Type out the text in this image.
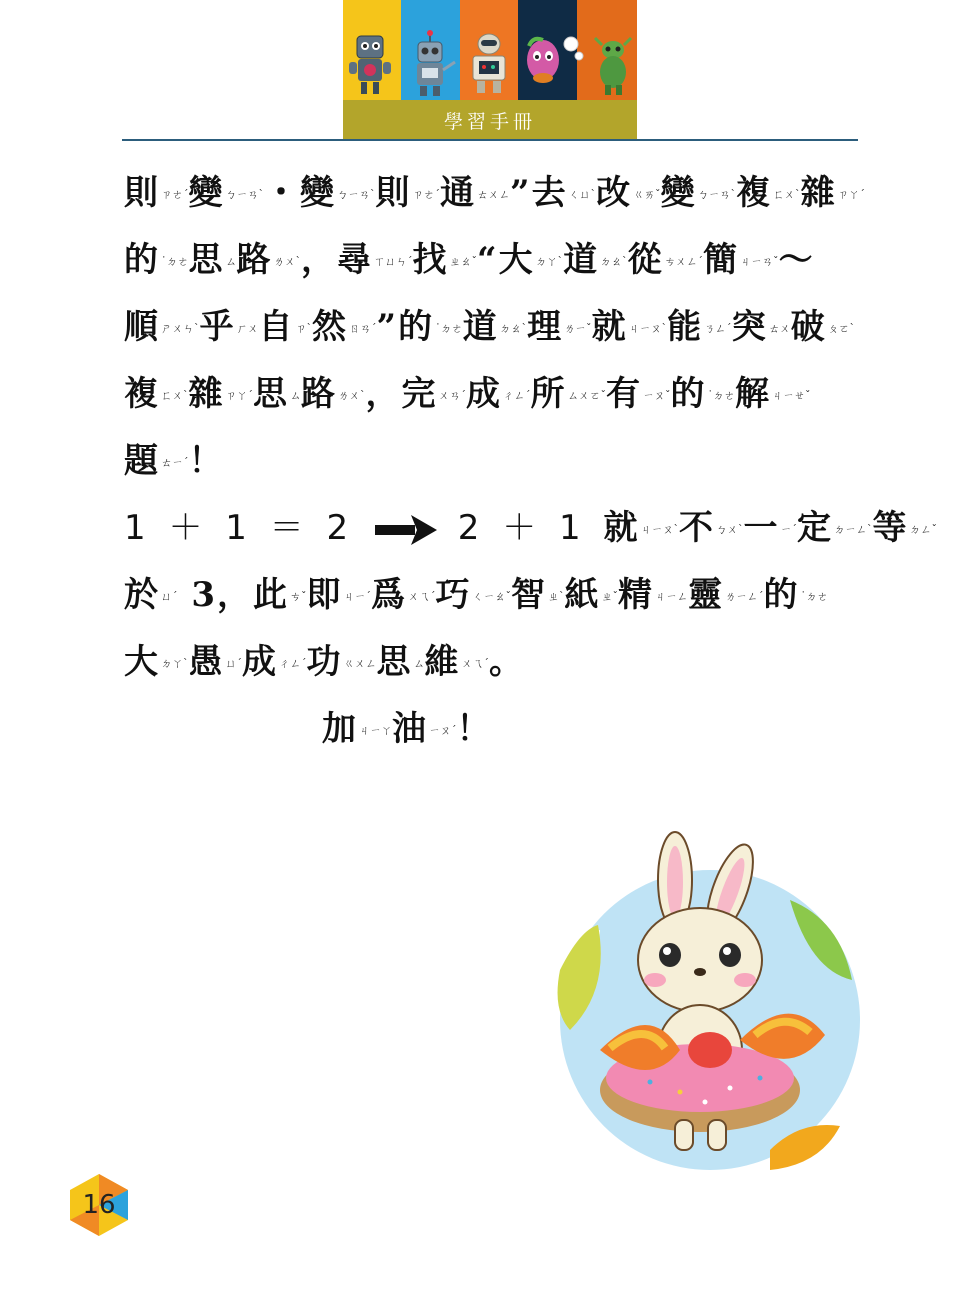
學習手冊
則ㄗㄜˊ變ㄅㄧㄢˋ・變ㄅㄧㄢˋ則ㄗㄜˊ通ㄊㄨㄥ”去ㄑㄩˋ改ㄍㄞˇ變ㄅㄧㄢˋ複ㄈㄨˋ雜ㄗㄚˊ
的˙ㄉㄜ思ㄙ路ㄌㄨˋ，尋ㄒㄩㄣˊ找ㄓㄠˇ“大ㄉㄚˋ道ㄉㄠˋ從ㄘㄨㄥˊ簡ㄐㄧㄢˇ～
順ㄕㄨㄣˋ乎ㄏㄨ自ㄗˋ然ㄖㄢˊ”的˙ㄉㄜ道ㄉㄠˋ理ㄌㄧˇ就ㄐㄧㄡˋ能ㄋㄥˊ突ㄊㄨ破ㄆㄛˋ
複ㄈㄨˋ雜ㄗㄚˊ思ㄙ路ㄌㄨˋ，完ㄨㄢˊ成ㄔㄥˊ所ㄙㄨㄛˇ有ㄧㄡˇ的˙ㄉㄜ解ㄐㄧㄝˇ
題ㄊㄧˊ！
1 ＋ 1 ＝ 2	2 ＋ 1 就ㄐㄧㄡˋ不ㄅㄨˋ一ㄧˊ定ㄉㄧㄥˋ等ㄉㄥˇ
於ㄩˊ 3，此ㄘˇ即ㄐㄧˊ爲ㄨㄟˊ巧ㄑㄧㄠˇ智ㄓˋ紙ㄓˇ精ㄐㄧㄥ靈ㄌㄧㄥˊ的˙ㄉㄜ
大ㄉㄚˋ愚ㄩˊ成ㄔㄥˊ功ㄍㄨㄥ思ㄙ維ㄨㄟˊ。
加ㄐㄧㄚ油ㄧㄡˊ！
16
